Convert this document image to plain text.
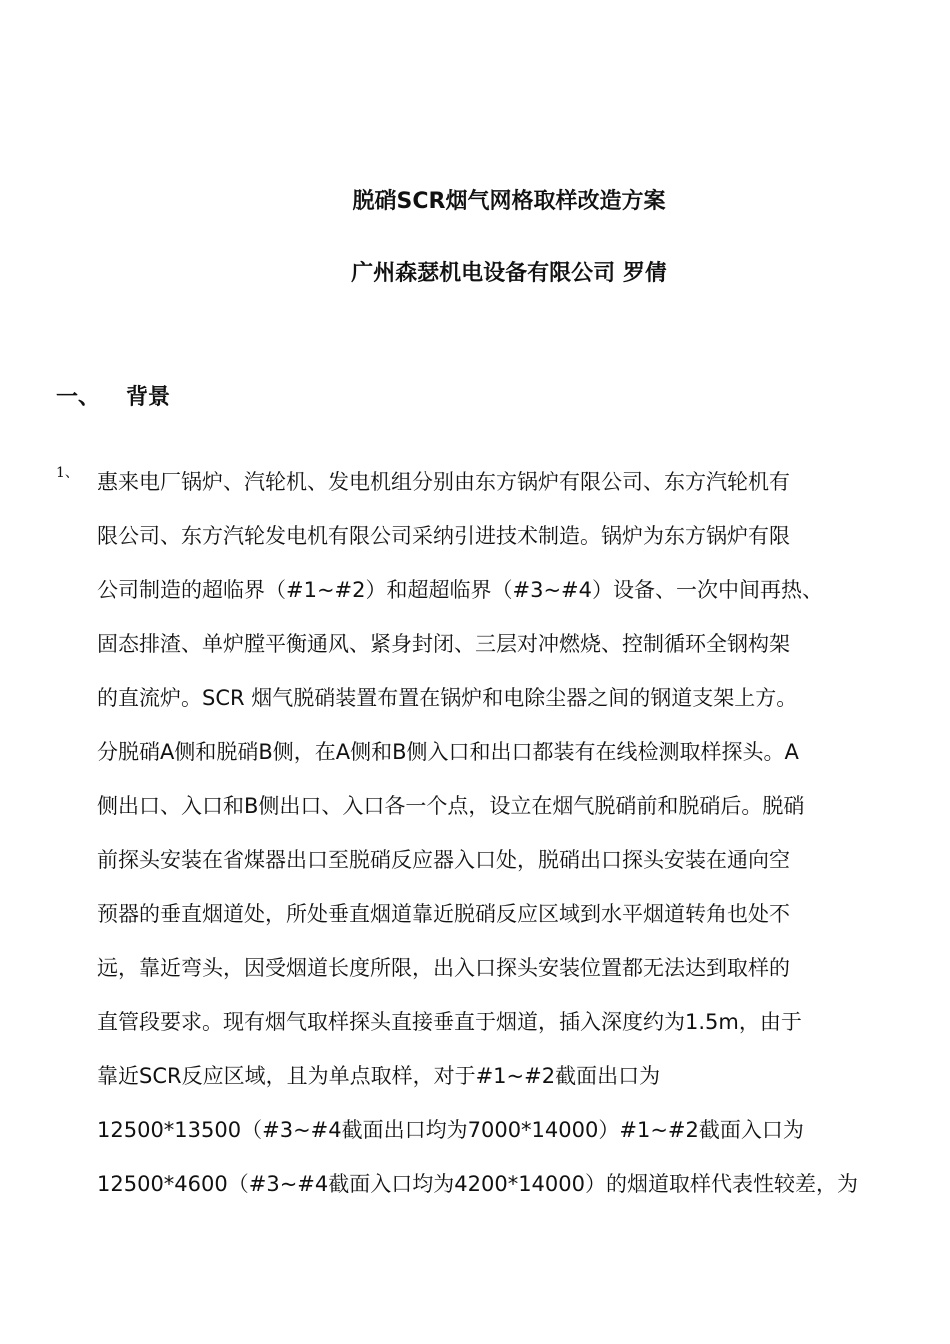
脱硝SCR烟气网格取样改造方案
广州森瑟机电设备有限公司 罗倩
一、 背景
1、 惠来电厂锅炉、汽轮机、发电机组分别由东方锅炉有限公司、东方汽轮机有
限公司、东方汽轮发电机有限公司采纳引进技术制造。锅炉为东方锅炉有限
公司制造的超临界（#1~#2）和超超临界（#3~#4）设备、一次中间再热、
固态排渣、单炉膛平衡通风、紧身封闭、三层对冲燃烧、控制循环全钢构架
的直流炉。SCR 烟气脱硝装置布置在锅炉和电除尘器之间的钢道支架上方。
分脱硝A侧和脱硝B侧，在A侧和B侧入口和出口都装有在线检测取样探头。A
侧出口、入口和B侧出口、入口各一个点，设立在烟气脱硝前和脱硝后。脱硝
前探头安装在省煤器出口至脱硝反应器入口处，脱硝出口探头安装在通向空
预器的垂直烟道处，所处垂直烟道靠近脱硝反应区域到水平烟道转角也处不
远，靠近弯头，因受烟道长度所限，出入口探头安装位置都无法达到取样的
直管段要求。现有烟气取样探头直接垂直于烟道，插入深度约为1.5m，由于
靠近SCR反应区域，且为单点取样，对于#1~#2截面出口为
12500*13500（#3~#4截面出口均为7000*14000）#1~#2截面入口为
12500*4600（#3~#4截面入口均为4200*14000）的烟道取样代表性较差，为
